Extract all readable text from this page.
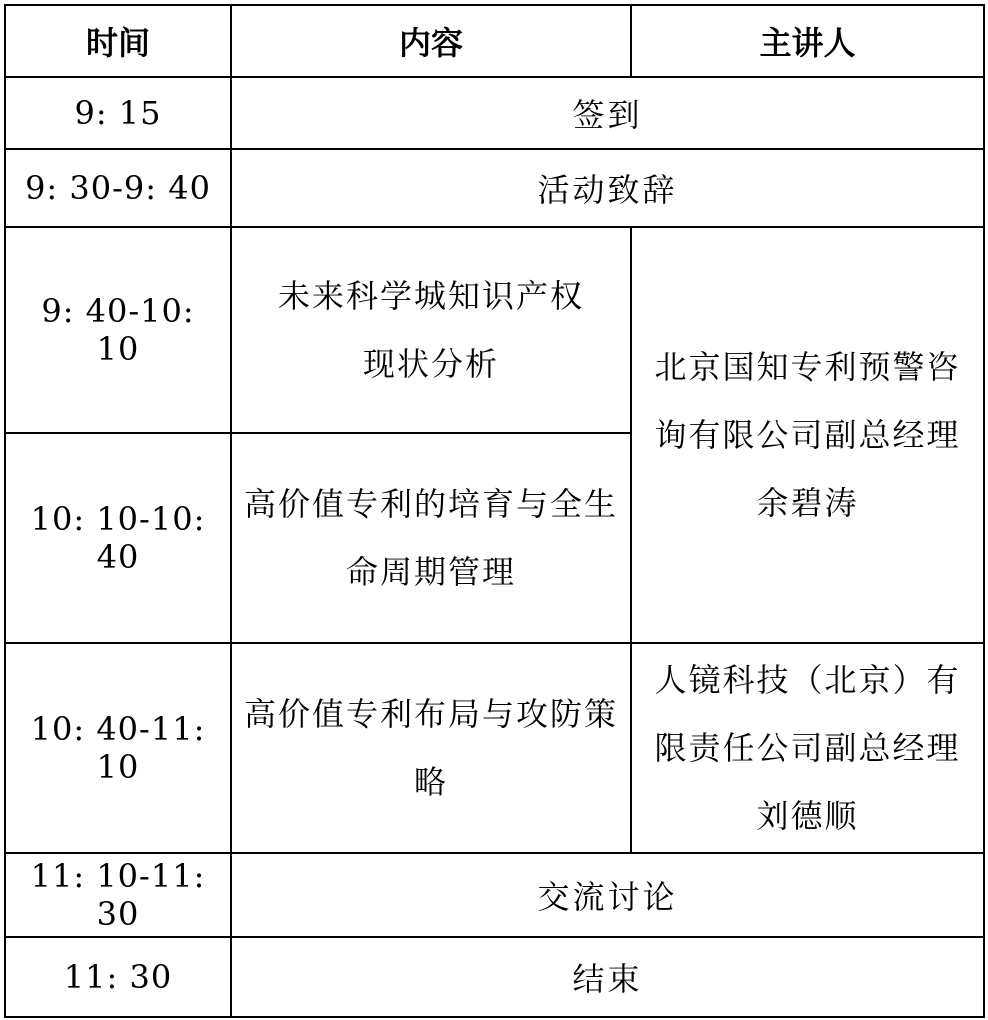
时间	内容	主讲人
9: 15	签到	
9: 30-9: 40	活动致辞	
9: 40-10: 10	未来科学城知识产权现状分析	北京国知专利预警咨询有限公司副总经理余碧涛
10: 10-10: 40	高价值专利的培育与全生命周期管理	
10: 40-11: 10	高价值专利布局与攻防策略	人镜科技（北京）有限责任公司副总经理刘德顺
11: 10-11: 30	交流讨论	
11: 30	结束	
